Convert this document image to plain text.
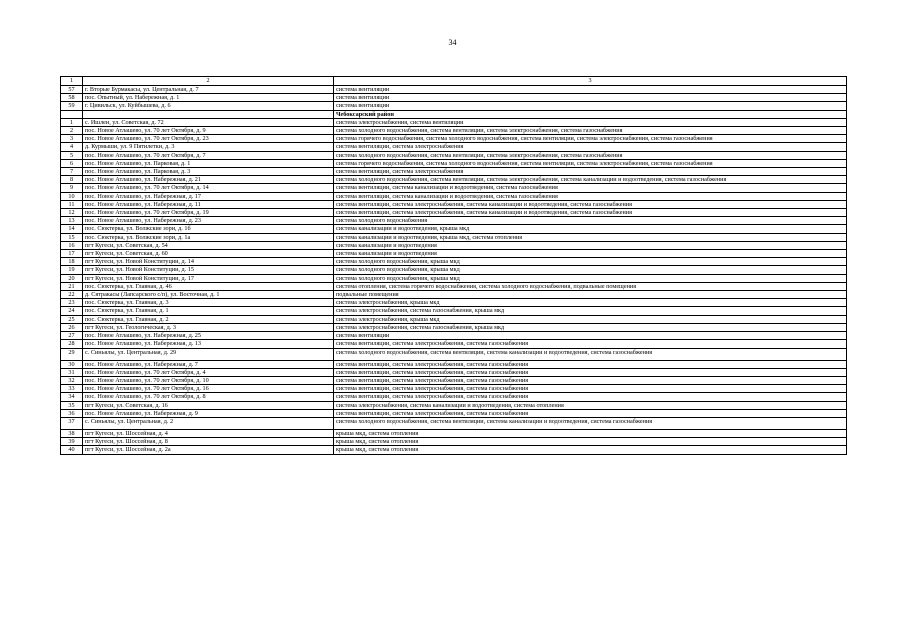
34
1	2	3
57	г. Вторые Бурмакасы, ул. Центральная, д. 7	система вентиляции
58	пос. Опытный, ул. Набережная, д. 1	система вентиляции
59	г. Цивильск, ул. Куйбышева, д. 6	система вентиляции
		Чебоксарский район
1	с. Ишлеи, ул. Советская, д. 72	система электроснабжения, система вентиляции
2	пос. Новое Атлашево, ул. 70 лет Октября, д. 9	система холодного водоснабжения, система вентиляции, система электроснабжения, система газоснабжения
3	пос. Новое Атлашево, ул. 70 лет Октября, д. 23	система горячего водоснабжения, система холодного водоснабжения, система вентиляции, система электроснабжения, система газоснабжения
4	д. Курмыши, ул. 9 Пятилетки, д. 3	система вентиляции, система электроснабжения
5	пос. Новое Атлашево, ул. 70 лет Октября, д. 7	система холодного водоснабжения, система вентиляции, система электроснабжения, система газоснабжения
6	пос. Новое Атлашево, ул. Парковая, д. 1	система горячего водоснабжения, система холодного водоснабжения, система вентиляции, система электроснабжения, система газоснабжения
7	пос. Новое Атлашево, ул. Парковая, д. 3	система вентиляции, система электроснабжения
8	пос. Новое Атлашево, ул. Набережная, д. 21	система холодного водоснабжения, система вентиляции, система электроснабжения, система канализации и водоотведения, система газоснабжения
9	пос. Новое Атлашево, ул. 70 лет Октября, д. 14	система вентиляции, система канализации и водоотведения, система газоснабжения
10	пос. Новое Атлашево, ул. Набережная, д. 17	система вентиляции, система канализации и водоотведения, система газоснабжения
11	пос. Новое Атлашево, ул. Набережная, д. 11	система вентиляции, система электроснабжения, система канализации и водоотведения, система газоснабжения
12	пос. Новое Атлашево, ул. 70 лет Октября, д. 19	система вентиляции, система электроснабжения, система канализации и водоотведения, система газоснабжения
13	пос. Новое Атлашево, ул. Набережная, д. 23	система холодного водоснабжения
14	пос. Сюктерка, ул. Волжские зори, д. 1б	система канализации и водоотведения, крыша мкд
15	пос. Сюктерка, ул. Волжские зори, д. 1а	система канализации и водоотведения, крыша мкд, система отопления
16	пгт Кугеси, ул. Советская, д. 54	система канализации и водоотведения
17	пгт Кугеси, ул. Советская, д. 60	система канализации и водоотведения
18	пгт Кугеси, ул. Новой Конституции, д. 14	система холодного водоснабжения, крыша мкд
19	пгт Кугеси, ул. Новой Конституции, д. 15	система холодного водоснабжения, крыша мкд
20	пгт Кугеси, ул. Новой Конституции, д. 17	система холодного водоснабжения, крыша мкд
21	пос. Сюктерка, ул. Главная, д. 46	система отопления, система горячего водоснабжения, система холодного водоснабжения, подвальные помещения
22	д. Сятракасы (Лапсарского с/п), ул. Восточная, д. 1	подвальные помещения
23	пос. Сюктерка, ул. Главная, д. 3	система электроснабжения, крыша мкд
24	пос. Сюктерка, ул. Главная, д. 1	система электроснабжения, система газоснабжения, крыша мкд
25	пос. Сюктерка, ул. Главная, д. 2	система электроснабжения, крыша мкд
26	пгт Кугеси, ул. Геологическая, д. 3	система электроснабжения, система газоснабжения, крыша мкд
27	пос. Новое Атлашево, ул. Набережная, д. 25	система вентиляции
28	пос. Новое Атлашево, ул. Набережная, д. 13	система вентиляции, система электроснабжения, система газоснабжения
29	с. Синьялы, ул. Центральная, д. 29	система холодного водоснабжения, система вентиляции, система канализации и водоотведения, система газоснабжения
30	пос. Новое Атлашево, ул. Набережная, д. 7	система вентиляции, система электроснабжения, система газоснабжения
31	пос. Новое Атлашево, ул. 70 лет Октября, д. 4	система вентиляции, система электроснабжения, система газоснабжения
32	пос. Новое Атлашево, ул. 70 лет Октября, д. 10	система вентиляции, система электроснабжения, система газоснабжения
33	пос. Новое Атлашево, ул. 70 лет Октября, д. 16	система вентиляции, система электроснабжения, система газоснабжения
34	пос. Новое Атлашево, ул. 70 лет Октября, д. 8	система вентиляции, система электроснабжения, система газоснабжения
35	пгт Кугеси, ул. Советская, д. 16	система электроснабжения, система канализации и водоотведения, система отопления
36	пос. Новое Атлашево, ул. Набережная, д. 9	система вентиляции, система электроснабжения, система газоснабжения
37	с. Синьялы, ул. Центральная, д. 2	система холодного водоснабжения, система вентиляции, система канализации и водоотведения, система газоснабжения
38	пгт Кугеси, ул. Шоссейная, д. 4	крыша мкд, система отопления
39	пгт Кугеси, ул. Шоссейная, д. 8	крыша мкд, система отопления
40	пгт Кугеси, ул. Шоссейная, д. 2а	крыша мкд, система отопления
